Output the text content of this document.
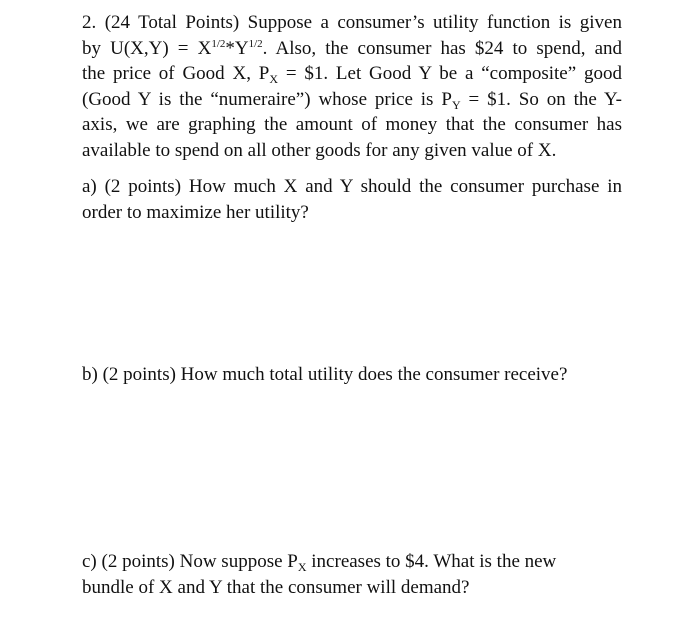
2. (24 Total Points) Suppose a consumer’s utility function is given
by $U(X,Y) = X^{1/2}*Y^{1/2}$. Also, the consumer has $24 to spend, and
the price of Good X, $P_X$ = $1. Let Good Y be a “composite” good
(Good Y is the “numeraire”) whose price is $P_Y$ = $1. So on the Y-
axis, we are graphing the amount of money that the consumer has
available to spend on all other goods for any given value of X.
a) (2 points) How much X and Y should the consumer purchase in
order to maximize her utility?
b) (2 points) How much total utility does the consumer receive?
c) (2 points) Now suppose $P_X$ increases to $4. What is the new
bundle of X and Y that the consumer will demand?
